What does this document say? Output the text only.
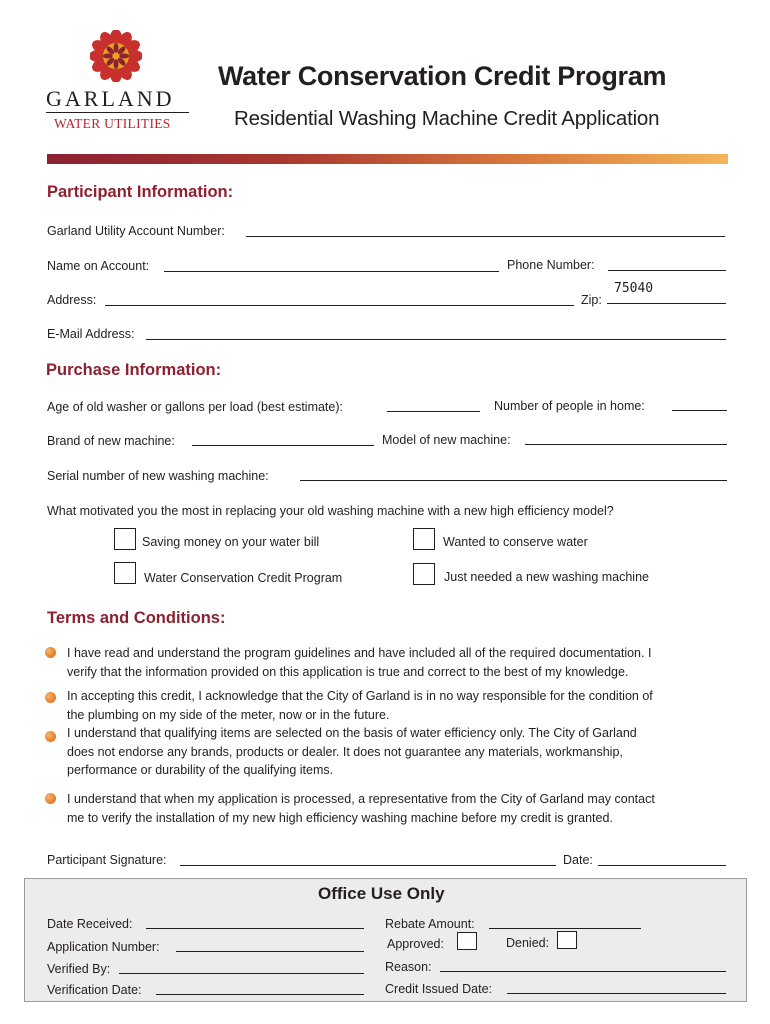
GARLAND
WATER UTILITIES
Water Conservation Credit Program
Residential Washing Machine Credit Application
Participant Information:
Garland Utility Account Number:
Name on Account:	Phone Number:
Address:	Zip:
75040
E-Mail Address:
Purchase Information:
Age of old washer or gallons per load (best estimate):	Number of people in home:
Brand of new machine:	Model of new machine:
Serial number of new washing machine:
What motivated you the most in replacing your old washing machine with a new high efficiency model?
Saving money on your water bill	Wanted to conserve water
Water Conservation Credit Program	Just needed a new washing machine
Terms and Conditions:
I have read and understand the program guidelines and have included all of the required documentation. I
verify that the information provided on this application is true and correct to the best of my knowledge.
In accepting this credit, I acknowledge that the City of Garland is in no way responsible for the condition of
the plumbing on my side of the meter, now or in the future.
I understand that qualifying items are selected on the basis of water efficiency only. The City of Garland
does not endorse any brands, products or dealer. It does not guarantee any materials, workmanship,
performance or durability of the qualifying items.
I understand that when my application is processed, a representative from the City of Garland may contact
me to verify the installation of my new high efficiency washing machine before my credit is granted.
Participant Signature:	Date:
Office Use Only
Date Received:	Rebate Amount:
Application Number:	Approved:	Denied:
Verified By:	Reason:
Verification Date:	Credit Issued Date:
